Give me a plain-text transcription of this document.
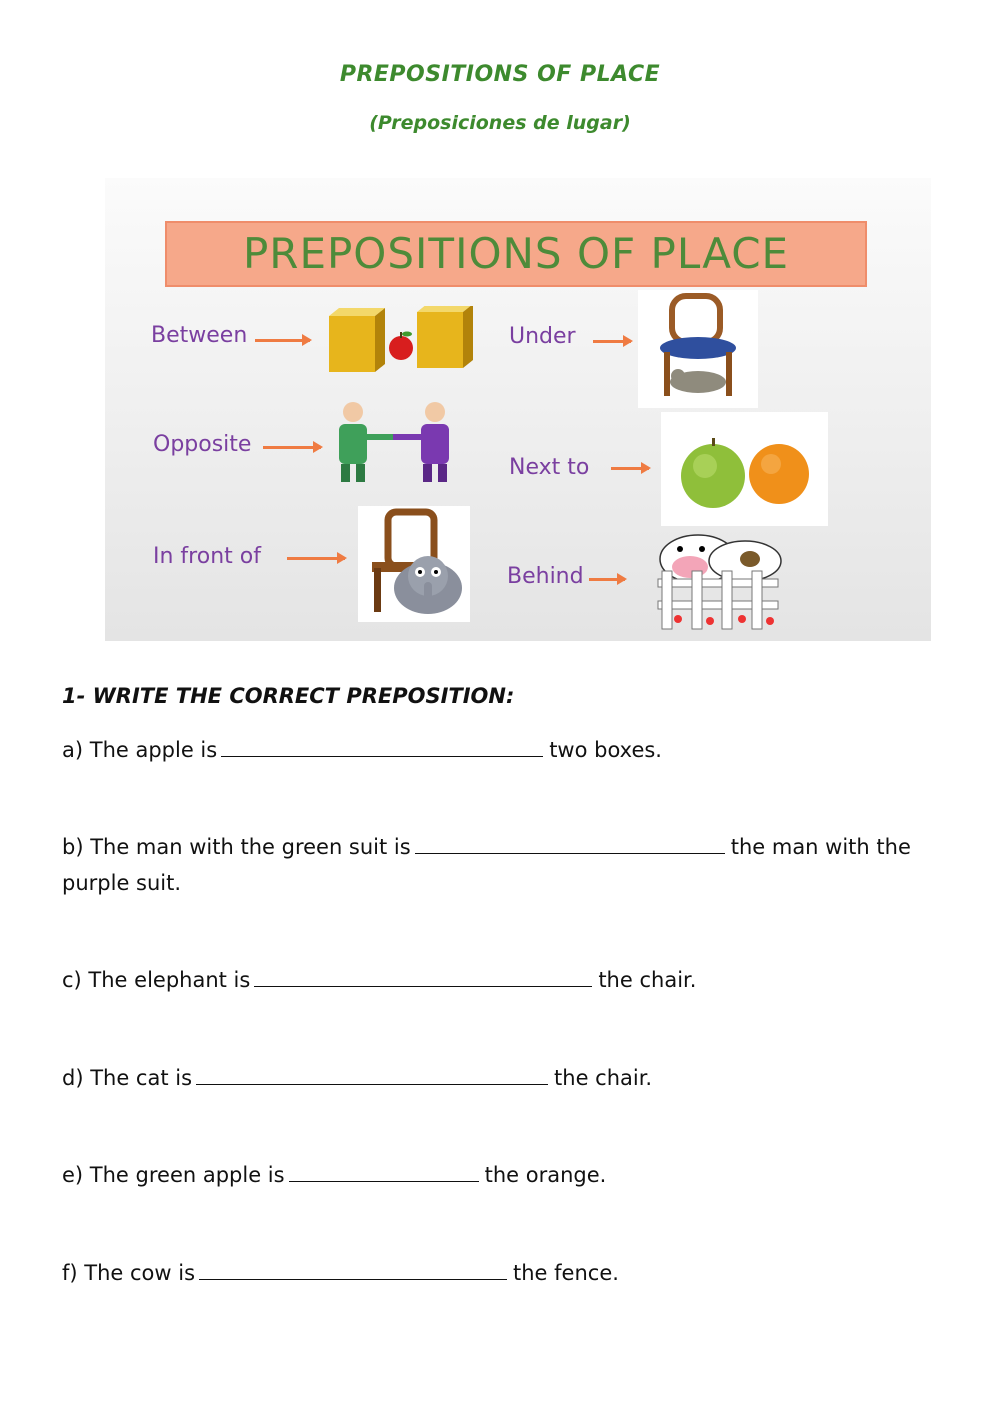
PREPOSITIONS OF PLACE
(Preposiciones de lugar)
PREPOSITIONS OF PLACE
Between
Opposite
In front of
Under
Next to
Behind
1- WRITE THE CORRECT PREPOSITION:
a) The apple is	two boxes.
b) The man with the green suit is	the man with the purple suit.
c) The elephant is	the chair.
d) The cat is	the chair.
e) The green apple is	the orange.
f) The cow is	the fence.
